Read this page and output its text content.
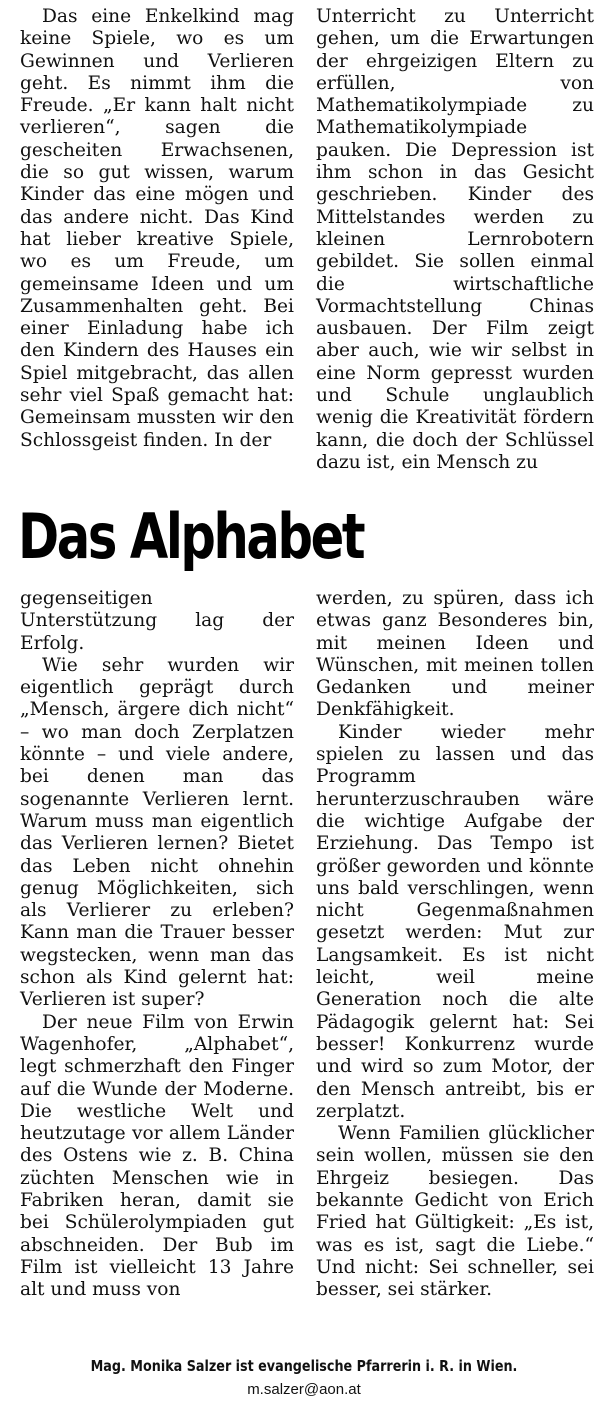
Das eine Enkelkind mag keine Spiele, wo es um Gewinnen und Verlieren geht. Es nimmt ihm die Freude. „Er kann halt nicht verlieren“, sagen die gescheiten Erwachsenen, die so gut wissen, warum Kinder das eine mögen und das andere nicht. Das Kind hat lieber kreative Spiele, wo es um Freude, um gemeinsame Ideen und um Zusammenhalten geht. Bei einer Einladung habe ich den Kindern des Hauses ein Spiel mitgebracht, das allen sehr viel Spaß gemacht hat: Gemeinsam mussten wir den Schlossgeist finden. In der

Unterricht zu Unterricht gehen, um die Erwartungen der ehrgeizigen Eltern zu erfüllen, von Mathematikolympiade zu Mathematikolympiade pauken. Die Depression ist ihm schon in das Gesicht geschrieben. Kinder des Mittelstandes werden zu kleinen Lernrobotern gebildet. Sie sollen einmal die wirtschaftliche Vormachtstellung Chinas ausbauen. Der Film zeigt aber auch, wie wir selbst in eine Norm gepresst wurden und Schule unglaublich wenig die Kreativität fördern kann, die doch der Schlüssel dazu ist, ein Mensch zu

Das Alphabet

gegenseitigen Unterstützung lag der Erfolg.

Wie sehr wurden wir eigentlich geprägt durch „Mensch, ärgere dich nicht“ – wo man doch Zerplatzen könnte – und viele andere, bei denen man das sogenannte Verlieren lernt. Warum muss man eigentlich das Verlieren lernen? Bietet das Leben nicht ohnehin genug Möglichkeiten, sich als Verlierer zu erleben? Kann man die Trauer besser wegstecken, wenn man das schon als Kind gelernt hat: Verlieren ist super?

Der neue Film von Erwin Wagenhofer, „Alphabet“, legt schmerzhaft den Finger auf die Wunde der Moderne. Die westliche Welt und heutzutage vor allem Länder des Ostens wie z. B. China züchten Menschen wie in Fabriken heran, damit sie bei Schülerolympiaden gut abschneiden. Der Bub im Film ist vielleicht 13 Jahre alt und muss von

werden, zu spüren, dass ich etwas ganz Besonderes bin, mit meinen Ideen und Wünschen, mit meinen tollen Gedanken und meiner Denkfähigkeit.

Kinder wieder mehr spielen zu lassen und das Programm herunterzuschrauben wäre die wichtige Aufgabe der Erziehung. Das Tempo ist größer geworden und könnte uns bald verschlingen, wenn nicht Gegenmaßnahmen gesetzt werden: Mut zur Langsamkeit. Es ist nicht leicht, weil meine Generation noch die alte Pädagogik gelernt hat: Sei besser! Konkurrenz wurde und wird so zum Motor, der den Mensch antreibt, bis er zerplatzt.

Wenn Familien glücklicher sein wollen, müssen sie den Ehrgeiz besiegen. Das bekannte Gedicht von Erich Fried hat Gültigkeit: „Es ist, was es ist, sagt die Liebe.“ Und nicht: Sei schneller, sei besser, sei stärker.

Mag. Monika Salzer ist evangelische Pfarrerin i. R. in Wien.
m.salzer@aon.at
